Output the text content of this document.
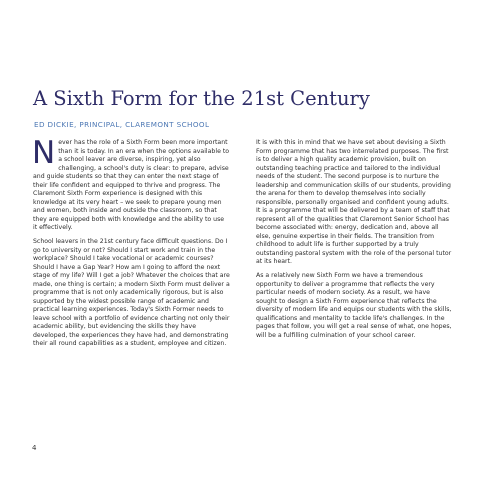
A Sixth Form for the 21st Century
ED DICKIE, PRINCIPAL, CLAREMONT SCHOOL

Never has the role of a Sixth Form been more important than it is today. In an era when the options available to a school leaver are diverse, inspiring, yet also challenging, a school's duty is clear: to prepare, advise and guide students so that they can enter the next stage of their life confident and equipped to thrive and progress. The Claremont Sixth Form experience is designed with this knowledge at its very heart – we seek to prepare young men and women, both inside and outside the classroom, so that they are equipped both with knowledge and the ability to use it effectively.

School leavers in the 21st century face difficult questions. Do I go to university or not? Should I start work and train in the workplace? Should I take vocational or academic courses? Should I have a Gap Year? How am I going to afford the next stage of my life? Will I get a job? Whatever the choices that are made, one thing is certain; a modern Sixth Form must deliver a programme that is not only academically rigorous, but is also supported by the widest possible range of academic and practical learning experiences. Today's Sixth Former needs to leave school with a portfolio of evidence charting not only their academic ability, but evidencing the skills they have developed, the experiences they have had, and demonstrating their all round capabilities as a student, employee and citizen.

It is with this in mind that we have set about devising a Sixth Form programme that has two interrelated purposes. The first is to deliver a high quality academic provision, built on outstanding teaching practice and tailored to the individual needs of the student. The second purpose is to nurture the leadership and communication skills of our students, providing the arena for them to develop themselves into socially responsible, personally organised and confident young adults. It is a programme that will be delivered by a team of staff that represent all of the qualities that Claremont Senior School has become associated with: energy, dedication and, above all else, genuine expertise in their fields. The transition from childhood to adult life is further supported by a truly outstanding pastoral system with the role of the personal tutor at its heart.

As a relatively new Sixth Form we have a tremendous opportunity to deliver a programme that reflects the very particular needs of modern society. As a result, we have sought to design a Sixth Form experience that reflects the diversity of modern life and equips our students with the skills, qualifications and mentality to tackle life's challenges. In the pages that follow, you will get a real sense of what, one hopes, will be a fulfilling culmination of your school career.

4
